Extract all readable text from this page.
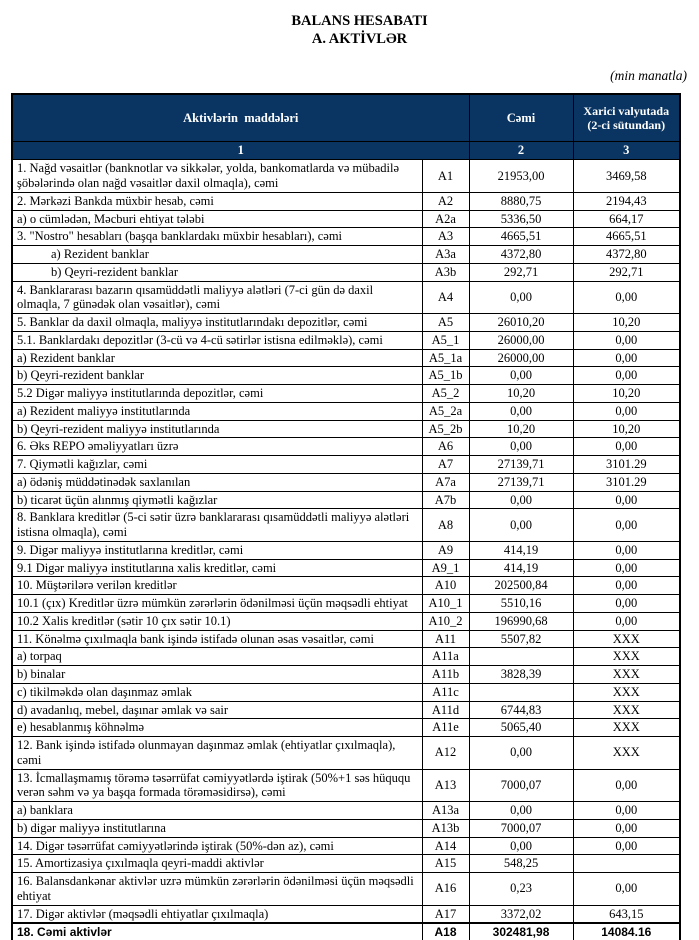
BALANS HESABATI
A. AKTİVLƏR
(min manatla)
Aktivlərin  maddələri		Cəmi	Xarici valyutada (2-ci sütundan)
1		2	3
1. Nağd vəsaitlər (banknotlar və sikkələr, yolda, bankomatlarda və mübadilə şöbələrində olan nağd vəsaitlər daxil olmaqla), cəmi	A1	21953,00	3469,58
2. Mərkəzi Bankda müxbir hesab, cəmi	A2	8880,75	2194,43
a) o cümlədən, Məcburi ehtiyat tələbi	A2a	5336,50	664,17
3. "Nostro" hesabları (başqa banklardakı müxbir hesabları), cəmi	A3	4665,51	4665,51
a) Rezident banklar	A3a	4372,80	4372,80
b) Qeyri-rezident banklar	A3b	292,71	292,71
4. Banklararası bazarın qısamüddətli maliyyə alətləri (7-ci gün də daxil olmaqla, 7 günədək olan vəsaitlər), cəmi	A4	0,00	0,00
5. Banklar da daxil olmaqla, maliyyə institutlarındakı depozitlər, cəmi	A5	26010,20	10,20
5.1. Banklardakı depozitlər (3-cü və 4-cü sətirlər istisna edilməklə), cəmi	A5_1	26000,00	0,00
a) Rezident banklar	A5_1a	26000,00	0,00
b) Qeyri-rezident banklar	A5_1b	0,00	0,00
5.2 Digər maliyyə institutlarında depozitlər, cəmi	A5_2	10,20	10,20
a) Rezident maliyyə institutlarında	A5_2a	0,00	0,00
b) Qeyri-rezident maliyyə institutlarında	A5_2b	10,20	10,20
6. Əks REPO əməliyyatları üzrə	A6	0,00	0,00
7. Qiymətli kağızlar, cəmi	A7	27139,71	3101.29
a) ödəniş müddətinədək saxlanılan	A7a	27139,71	3101.29
b) ticarət üçün alınmış qiymətli kağızlar	A7b	0,00	0,00
8. Banklara kreditlər (5-ci sətir üzrə banklararası qısamüddətli maliyyə alətləri istisna olmaqla), cəmi	A8	0,00	0,00
9. Digər maliyyə institutlarına kreditlər, cəmi	A9	414,19	0,00
9.1 Digər maliyyə institutlarına xalis kreditlər, cəmi	A9_1	414,19	0,00
10. Müştərilərə verilən kreditlər	A10	202500,84	0,00
10.1 (çıx) Kreditlər üzrə mümkün zərərlərin ödənilməsi üçün məqsədli ehtiyat	A10_1	5510,16	0,00
10.2 Xalis kreditlər (sətir 10 çıx sətir 10.1)	A10_2	196990,68	0,00
11. Könəlmə çıxılmaqla bank işində istifadə olunan əsas vəsaitlər, cəmi	A11	5507,82	XXX
a) torpaq	A11a		XXX
b) binalar	A11b	3828,39	XXX
c) tikilməkdə olan daşınmaz əmlak	A11c		XXX
d) avadanlıq, mebel, daşınar əmlak və sair	A11d	6744,83	XXX
e) hesablanmış köhnəlmə	A11e	5065,40	XXX
12. Bank işində istifadə olunmayan daşınmaz əmlak (ehtiyatlar çıxılmaqla), cəmi	A12	0,00	XXX
13. İcmallaşmamış törəmə təsərrüfat cəmiyyətlərdə iştirak (50%+1 səs hüququ verən səhm və ya başqa formada törəməsidirsə), cəmi	A13	7000,07	0,00
a) banklara	A13a	0,00	0,00
b) digər maliyyə institutlarına	A13b	7000,07	0,00
14. Digər təsərrüfat cəmiyyətlərində iştirak (50%-dən az), cəmi	A14	0,00	0,00
15. Amortizasiya çıxılmaqla qeyri-maddi aktivlər	A15	548,25	
16. Balansdankənar aktivlər uzrə mümkün zərərlərin ödənilməsi üçün məqsədli ehtiyat	A16	0,23	0,00
17. Digər aktivlər (məqsədli ehtiyatlar çıxılmaqla)	A17	3372,02	643,15
18. Cəmi aktivlər	A18	302481,98	14084.16
